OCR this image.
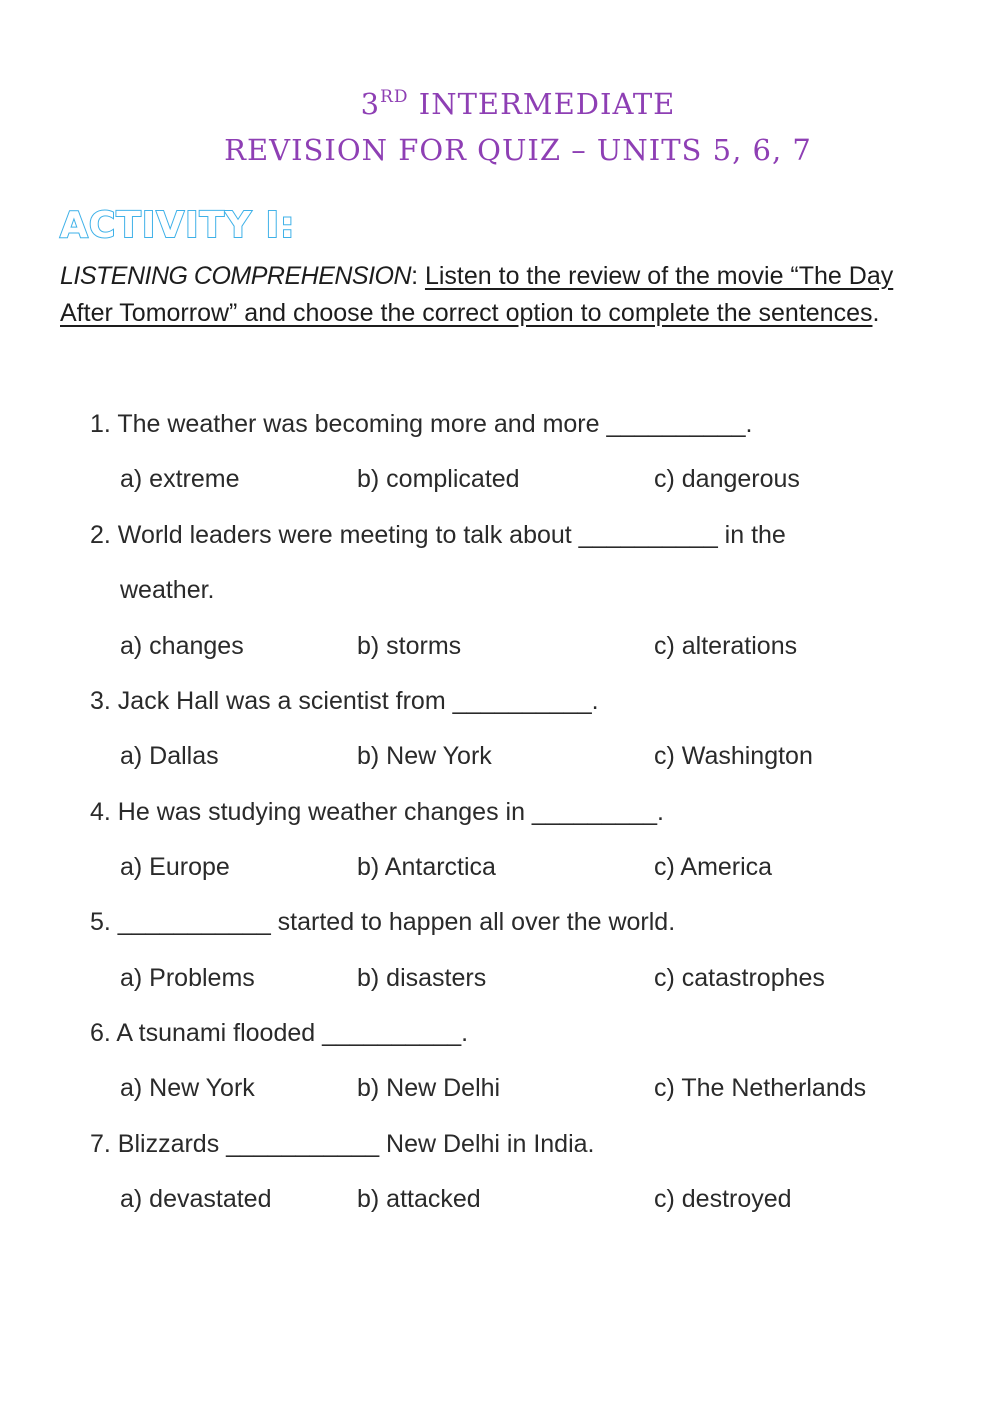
3RD INTERMEDIATE
REVISION FOR QUIZ – UNITS 5, 6, 7
ACTIVITY I:
LISTENING COMPREHENSION: Listen to the review of the movie “The Day After Tomorrow” and choose the correct option to complete the sentences.
1. The weather was becoming more and more __________.
a) extreme	b) complicated	c) dangerous
2. World leaders were meeting to talk about __________ in the
weather.
a) changes	b) storms	c) alterations
3. Jack Hall was a scientist from __________.
a) Dallas	b) New York	c) Washington
4. He was studying weather changes in _________.
a) Europe	b) Antarctica	c) America
5. ___________ started to happen all over the world.
a) Problems	b) disasters	c) catastrophes
6. A tsunami flooded __________.
a) New York	b) New Delhi	c) The Netherlands
7. Blizzards ___________ New Delhi in India.
a) devastated	b) attacked	c) destroyed
